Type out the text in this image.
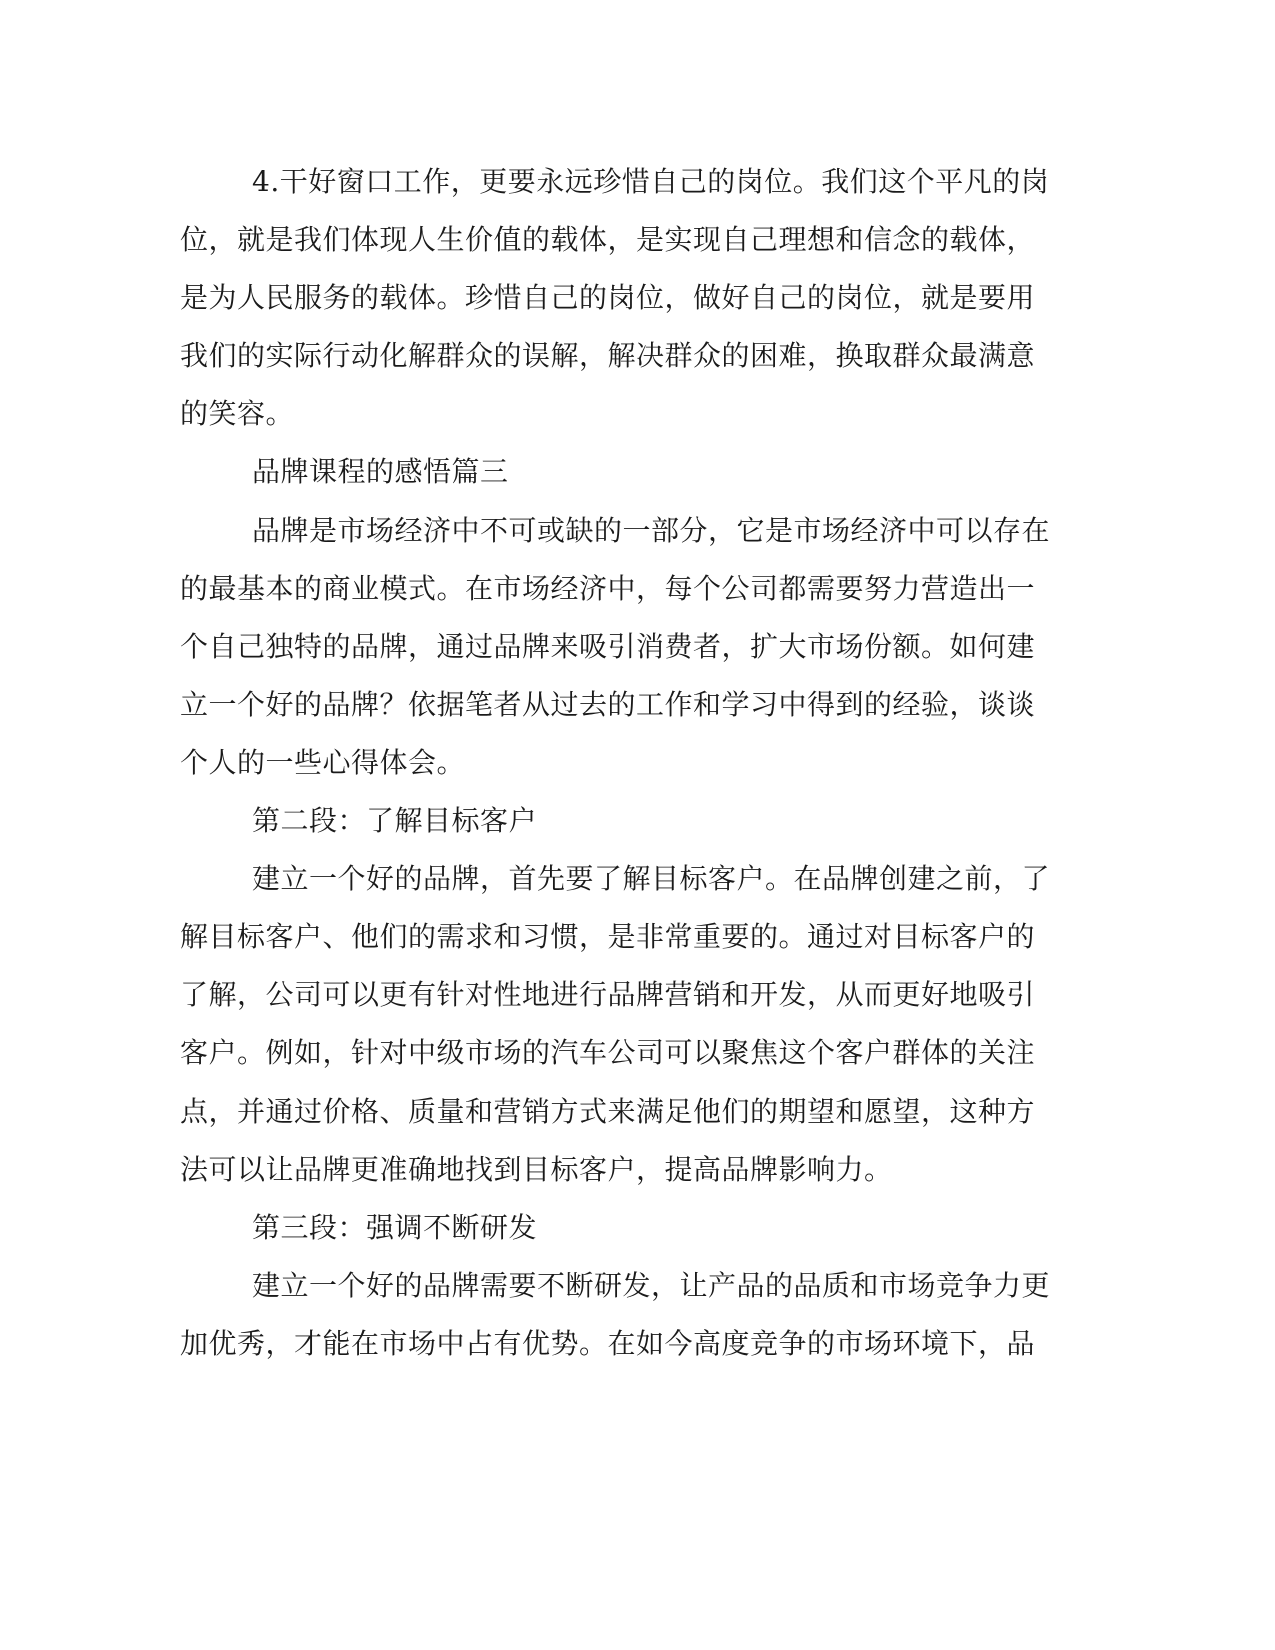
4.干好窗口工作，更要永远珍惜自己的岗位。我们这个平凡的岗
位，就是我们体现人生价值的载体，是实现自己理想和信念的载体，
是为人民服务的载体。珍惜自己的岗位，做好自己的岗位，就是要用
我们的实际行动化解群众的误解，解决群众的困难，换取群众最满意
的笑容。
品牌课程的感悟篇三
品牌是市场经济中不可或缺的一部分，它是市场经济中可以存在
的最基本的商业模式。在市场经济中，每个公司都需要努力营造出一
个自己独特的品牌，通过品牌来吸引消费者，扩大市场份额。如何建
立一个好的品牌？依据笔者从过去的工作和学习中得到的经验，谈谈
个人的一些心得体会。
第二段：了解目标客户
建立一个好的品牌，首先要了解目标客户。在品牌创建之前，了
解目标客户、他们的需求和习惯，是非常重要的。通过对目标客户的
了解，公司可以更有针对性地进行品牌营销和开发，从而更好地吸引
客户。例如，针对中级市场的汽车公司可以聚焦这个客户群体的关注
点，并通过价格、质量和营销方式来满足他们的期望和愿望，这种方
法可以让品牌更准确地找到目标客户，提高品牌影响力。
第三段：强调不断研发
建立一个好的品牌需要不断研发，让产品的品质和市场竞争力更
加优秀，才能在市场中占有优势。在如今高度竞争的市场环境下，品
